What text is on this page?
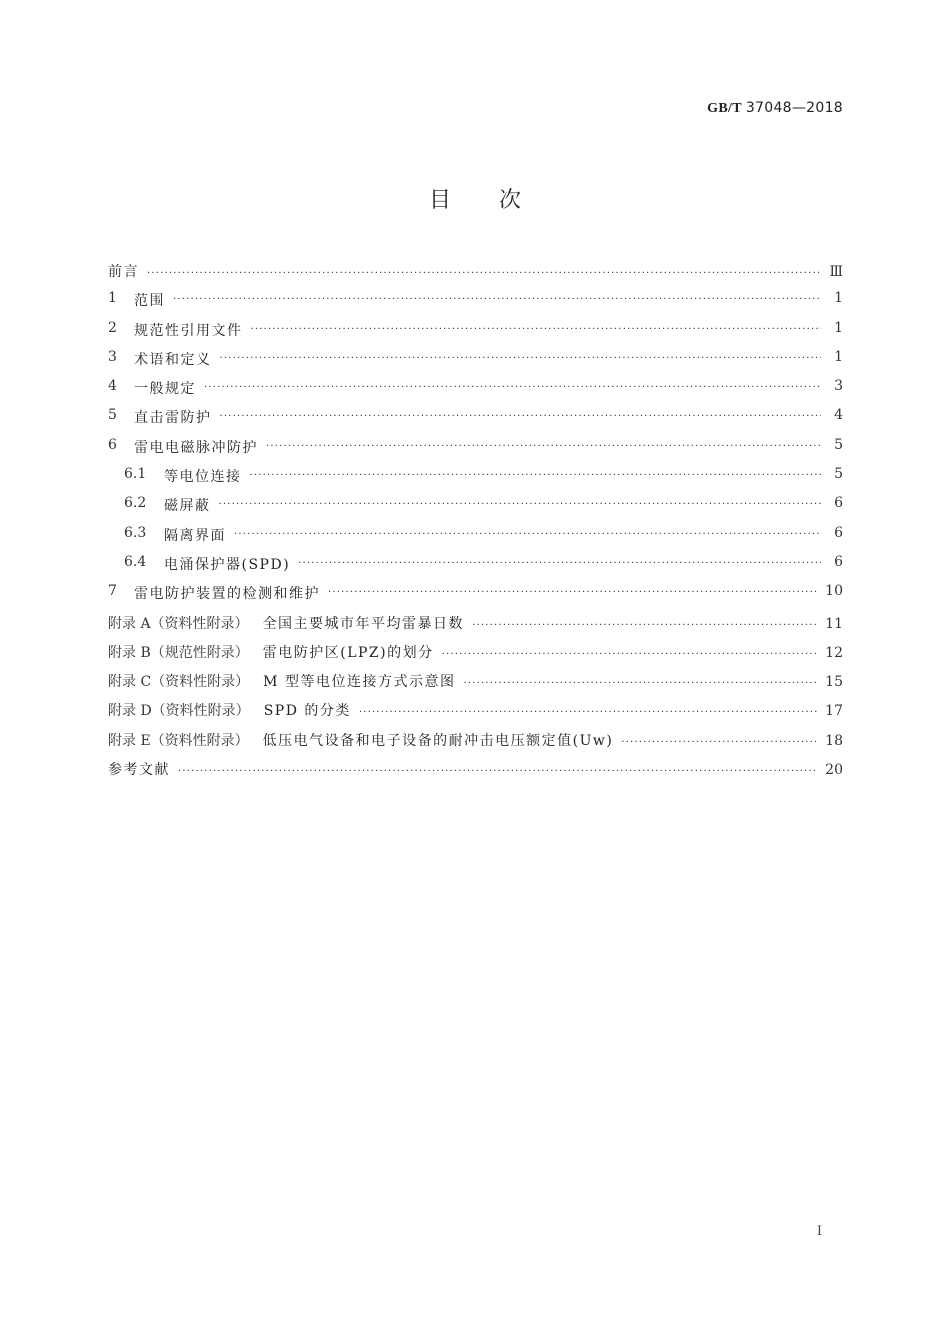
GB/T 37048—2018
目次
前言 ·····	Ⅲ
1	范围 ·····	1
2	规范性引用文件 ·····	1
3	术语和定义 ·····	1
4	一般规定 ·····	3
5	直击雷防护 ·····	4
6	雷电电磁脉冲防护 ·····	5
6.1	等电位连接 ·····	5
6.2	磁屏蔽 ·····	6
6.3	隔离界面 ·····	6
6.4	电涌保护器(SPD) ·····	6
7	雷电防护装置的检测和维护 ·····	10
附录 A（资料性附录） 全国主要城市年平均雷暴日数 ·····	11
附录 B（规范性附录） 雷电防护区(LPZ)的划分 ·····	12
附录 C（资料性附录） M 型等电位连接方式示意图 ·····	15
附录 D（资料性附录） SPD 的分类 ·····	17
附录 E（资料性附录） 低压电气设备和电子设备的耐冲击电压额定值(Uw) ·····	18
参考文献 ·····	20
I
